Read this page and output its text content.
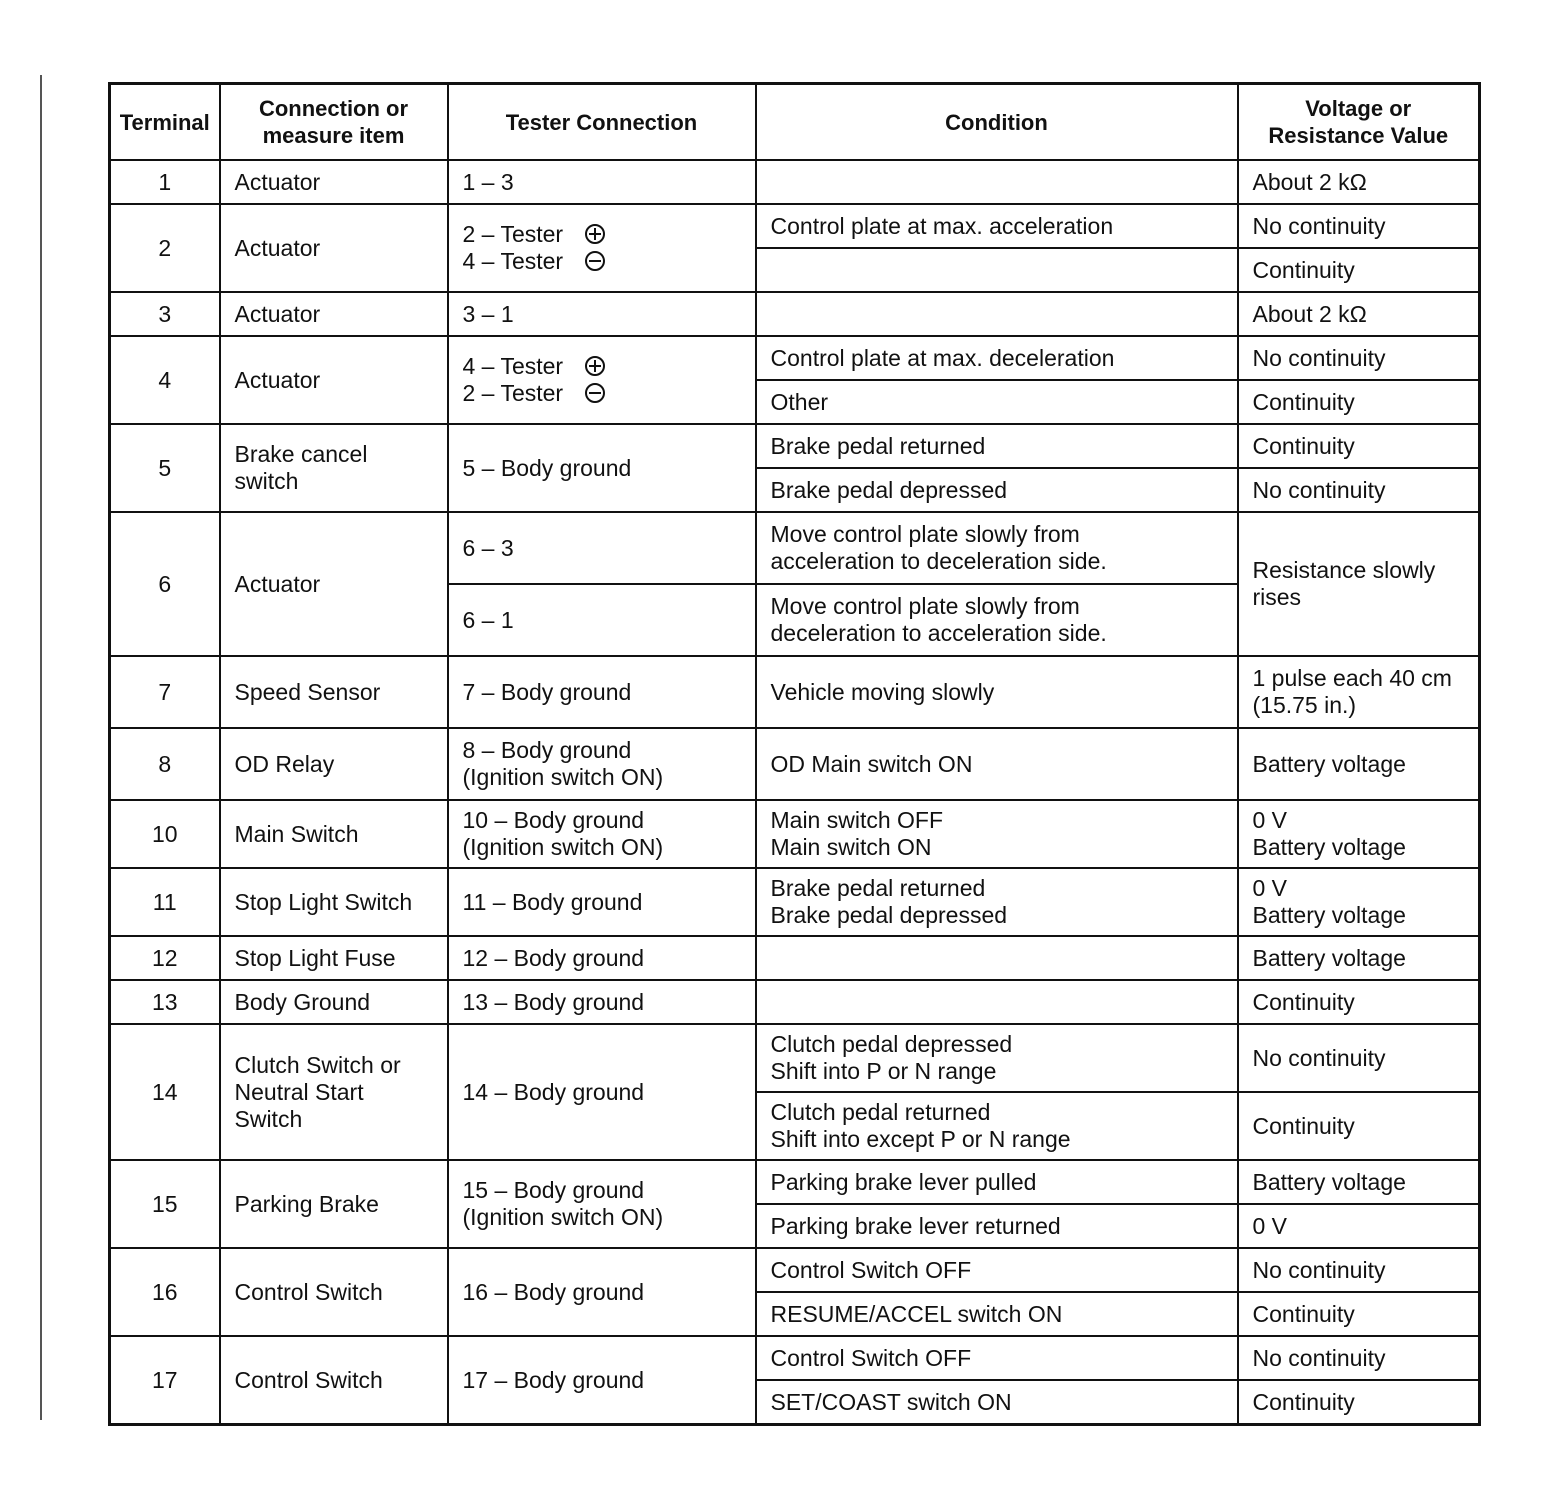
Terminal	Connection or
measure item	Tester Connection	Condition	Voltage or
Resistance Value
1	Actuator	1 – 3		About 2 kΩ
2	Actuator	2 – Tester
4 – Tester	Control plate at max. acceleration	No continuity
				Continuity
3	Actuator	3 – 1		About 2 kΩ
4	Actuator	4 – Tester
2 – Tester	Control plate at max. deceleration	No continuity
			Other	Continuity
5	Brake cancel
switch	5 – Body ground	Brake pedal returned	Continuity
			Brake pedal depressed	No continuity
6	Actuator	6 – 3	Move control plate slowly from
acceleration to deceleration side.	Resistance slowly
rises
		6 – 1	Move control plate slowly from
deceleration to acceleration side.	
7	Speed Sensor	7 – Body ground	Vehicle moving slowly	1 pulse each 40 cm
(15.75 in.)
8	OD Relay	8 – Body ground
(Ignition switch ON)	OD Main switch ON	Battery voltage
10	Main Switch	10 – Body ground
(Ignition switch ON)	Main switch OFF
Main switch ON	0 V
Battery voltage
11	Stop Light Switch	11 – Body ground	Brake pedal returned
Brake pedal depressed	0 V
Battery voltage
12	Stop Light Fuse	12 – Body ground		Battery voltage
13	Body Ground	13 – Body ground		Continuity
14	Clutch Switch or
Neutral Start
Switch	14 – Body ground	Clutch pedal depressed
Shift into P or N range	No continuity
			Clutch pedal returned
Shift into except P or N range	Continuity
15	Parking Brake	15 – Body ground
(Ignition switch ON)	Parking brake lever pulled	Battery voltage
			Parking brake lever returned	0 V
16	Control Switch	16 – Body ground	Control Switch OFF	No continuity
			RESUME/ACCEL switch ON	Continuity
17	Control Switch	17 – Body ground	Control Switch OFF	No continuity
			SET/COAST switch ON	Continuity
